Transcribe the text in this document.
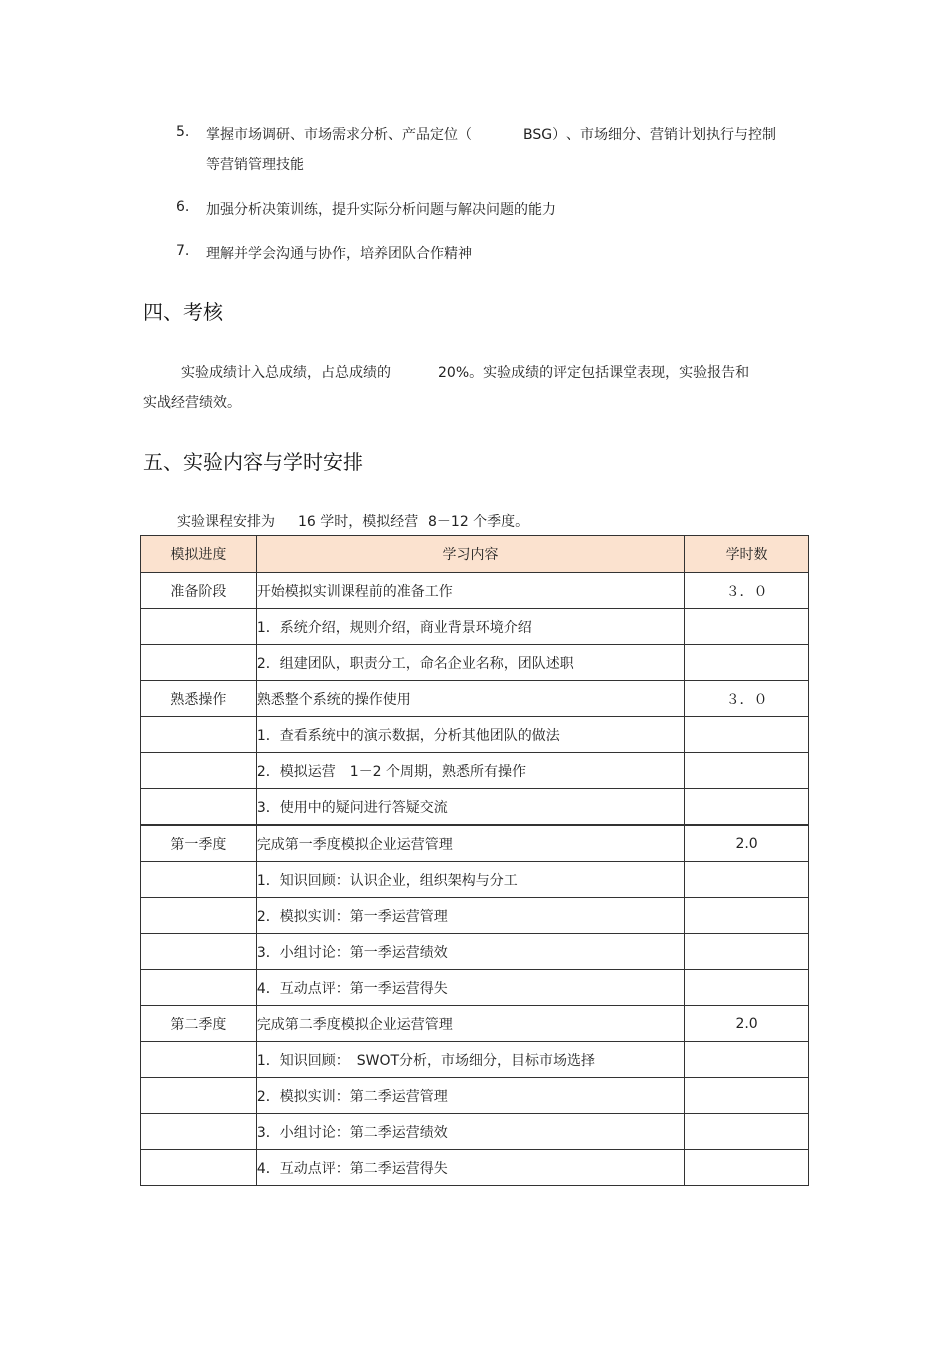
5. 掌握市场调研、市场需求分析、产品定位（	BSG） 、市场细分、营销计划执行与控制
等营销管理技能
6. 加强分析决策训练，提升实际分析问题与解决问题的能力
7. 理解并学会沟通与协作，培养团队合作精神
四、考核
实验成绩计入总成绩，占总成绩的	20%。实验成绩的评定包括课堂表现，实验报告和
实战经营绩效。
五、实验内容与学时安排
实验课程安排为 16 学时，模拟经营 8－12 个季度。
模拟进度	学习内容	学时数
准备阶段	开始模拟实训课程前的准备工作	３．０
	1．系统介绍，规则介绍，商业背景环境介绍	
	2．组建团队，职责分工，命名企业名称，团队述职	
熟悉操作	熟悉整个系统的操作使用	３．０
	1．查看系统中的演示数据，分析其他团队的做法	
	2．模拟运营　1－2 个周期，熟悉所有操作	
	3．使用中的疑问进行答疑交流	
第一季度	完成第一季度模拟企业运营管理	2.0
	1．知识回顾：认识企业，组织架构与分工	
	2．模拟实训：第一季运营管理	
	3．小组讨论：第一季运营绩效	
	4．互动点评：第一季运营得失	
第二季度	完成第二季度模拟企业运营管理	2.0
	1．知识回顾：　SWOT分析，市场细分，目标市场选择	
	2．模拟实训：第二季运营管理	
	3．小组讨论：第二季运营绩效	
	4．互动点评：第二季运营得失	
